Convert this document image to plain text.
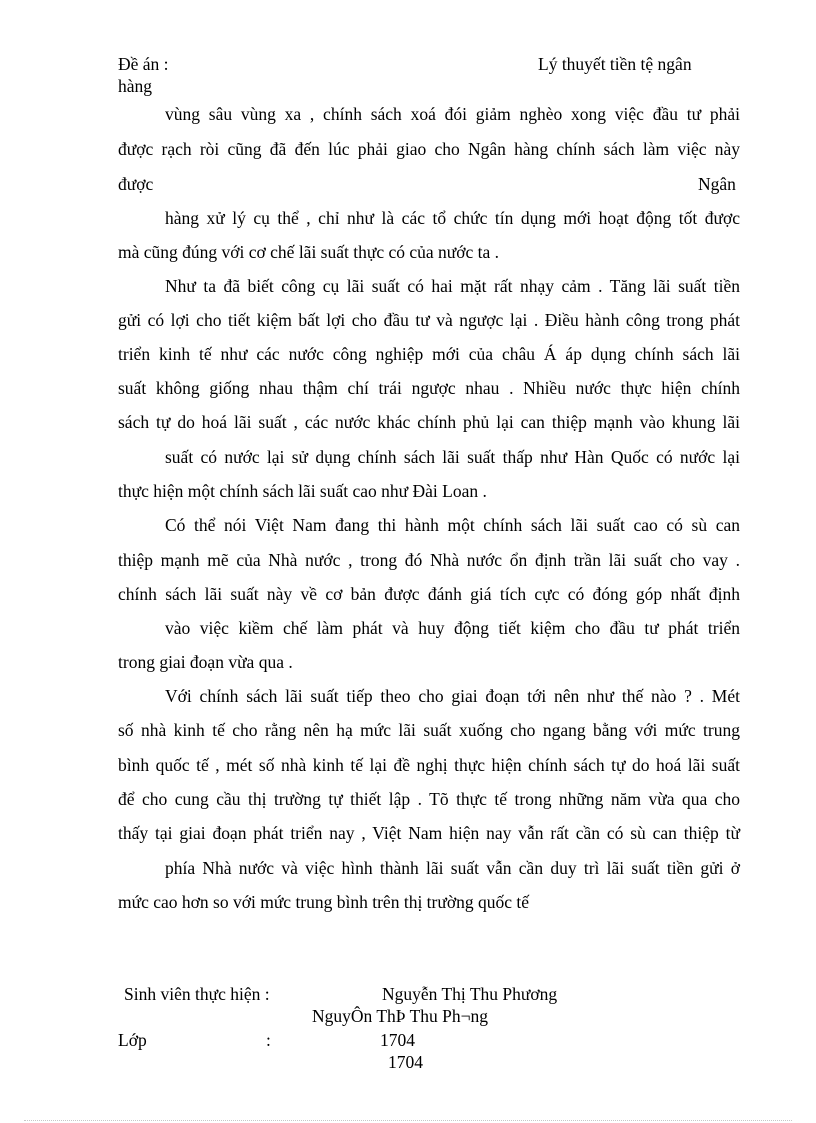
Đề án :	Lý thuyết tiền tệ ngân
hàng
vùng sâu vùng xa , chính sách xoá đói giảm nghèo xong việc đầu tư phải
được rạch ròi cũng đã đến lúc phải giao cho Ngân hàng chính sách làm việc này
được	Ngân
hàng xử lý cụ thể , chỉ như là các tổ chức tín dụng mới hoạt động tốt được
mà cũng đúng với cơ chế lãi suất thực có của nước ta .
Như ta đã biết công cụ lãi suất có hai mặt rất nhạy cảm . Tăng lãi suất tiền
gửi có lợi cho tiết kiệm bất lợi cho đầu tư và ngược lại . Điều hành công trong phát
triển kinh tế như các nước công nghiệp mới của châu Á áp dụng chính sách lãi
suất không giống nhau thậm chí trái ngược nhau . Nhiều nước thực hiện chính
sách tự do hoá lãi suất , các nước khác chính phủ lại can thiệp mạnh vào khung lãi
suất có nước lại sử dụng chính sách lãi suất thấp như Hàn Quốc có nước lại
thực hiện một chính sách lãi suất cao như Đài Loan .
Có thể nói Việt Nam đang thi hành một chính sách lãi suất cao có sù can
thiệp mạnh mẽ của Nhà nước , trong đó Nhà nước ổn định trần lãi suất cho vay .
chính sách lãi suất này về cơ bản được đánh giá tích cực có đóng góp nhất định
vào việc kiềm chế làm phát và huy động tiết kiệm cho đầu tư phát triển
trong giai đoạn vừa qua .
Với chính sách lãi suất tiếp theo cho giai đoạn tới nên như thế nào ? . Mét
số nhà kinh tế cho rằng nên hạ mức lãi suất xuống cho ngang bằng với mức trung
bình quốc tế , mét số nhà kinh tế lại đề nghị thực hiện chính sách tự do hoá lãi suất
để cho cung cầu thị trường tự thiết lập . Tõ thực tế trong những năm vừa qua cho
thấy tại giai đoạn phát triển nay , Việt Nam hiện nay vẫn rất cần có sù can thiệp từ
phía Nhà nước và việc hình thành lãi suất vẫn cần duy trì lãi suất tiền gửi ở
mức cao hơn so với mức trung bình trên thị trường quốc tế
Sinh viên thực hiện :	Nguyễn Thị Thu Phương
NguyÔn ThÞ Thu Ph¬ng
Lớp	:	1704
1704
